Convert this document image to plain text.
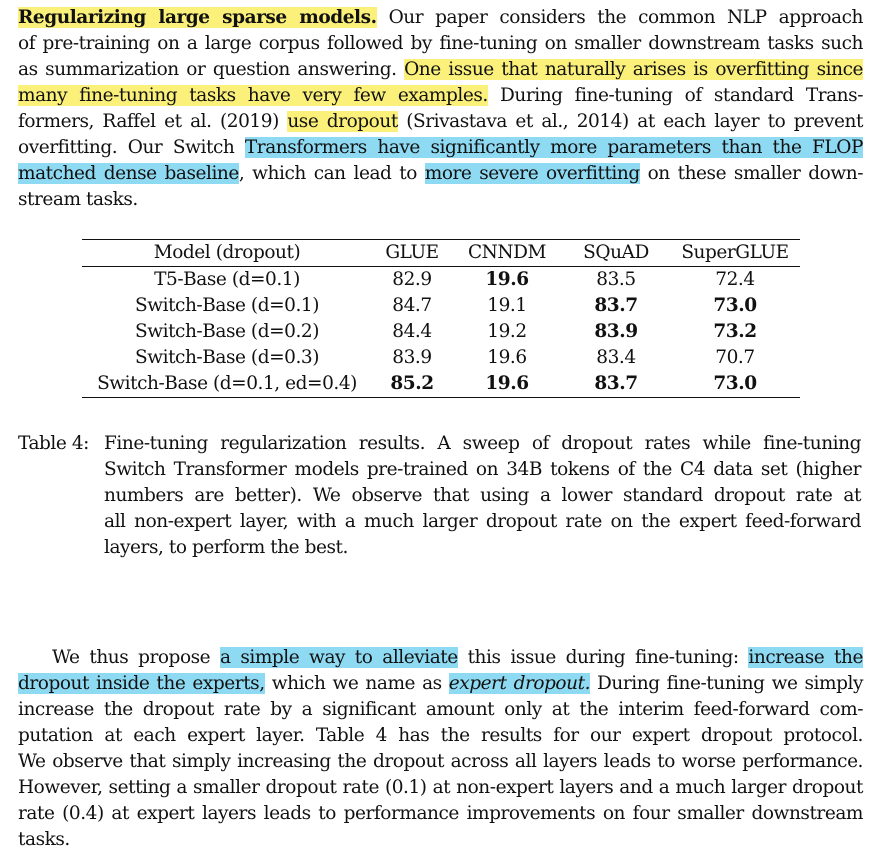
Regularizing large sparse models. Our paper considers the common NLP approach
of pre-training on a large corpus followed by fine-tuning on smaller downstream tasks such
as summarization or question answering. One issue that naturally arises is overfitting since
many fine-tuning tasks have very few examples. During fine-tuning of standard Trans-
formers, Raffel et al. (2019) use dropout (Srivastava et al., 2014) at each layer to prevent
overfitting. Our Switch Transformers have significantly more parameters than the FLOP
matched dense baseline, which can lead to more severe overfitting on these smaller down-
stream tasks.
Model (dropout)	GLUE	CNNDM	SQuAD	SuperGLUE
T5-Base (d=0.1)	82.9	19.6	83.5	72.4
Switch-Base (d=0.1)	84.7	19.1	83.7	73.0
Switch-Base (d=0.2)	84.4	19.2	83.9	73.2
Switch-Base (d=0.3)	83.9	19.6	83.4	70.7
Switch-Base (d=0.1, ed=0.4)	85.2	19.6	83.7	73.0
Table 4: Fine-tuning regularization results. A sweep of dropout rates while fine-tuning
Switch Transformer models pre-trained on 34B tokens of the C4 data set (higher
numbers are better). We observe that using a lower standard dropout rate at
all non-expert layer, with a much larger dropout rate on the expert feed-forward
layers, to perform the best.
We thus propose a simple way to alleviate this issue during fine-tuning: increase the
dropout inside the experts, which we name as expert dropout. During fine-tuning we simply
increase the dropout rate by a significant amount only at the interim feed-forward com-
putation at each expert layer. Table 4 has the results for our expert dropout protocol.
We observe that simply increasing the dropout across all layers leads to worse performance.
However, setting a smaller dropout rate (0.1) at non-expert layers and a much larger dropout
rate (0.4) at expert layers leads to performance improvements on four smaller downstream
tasks.
